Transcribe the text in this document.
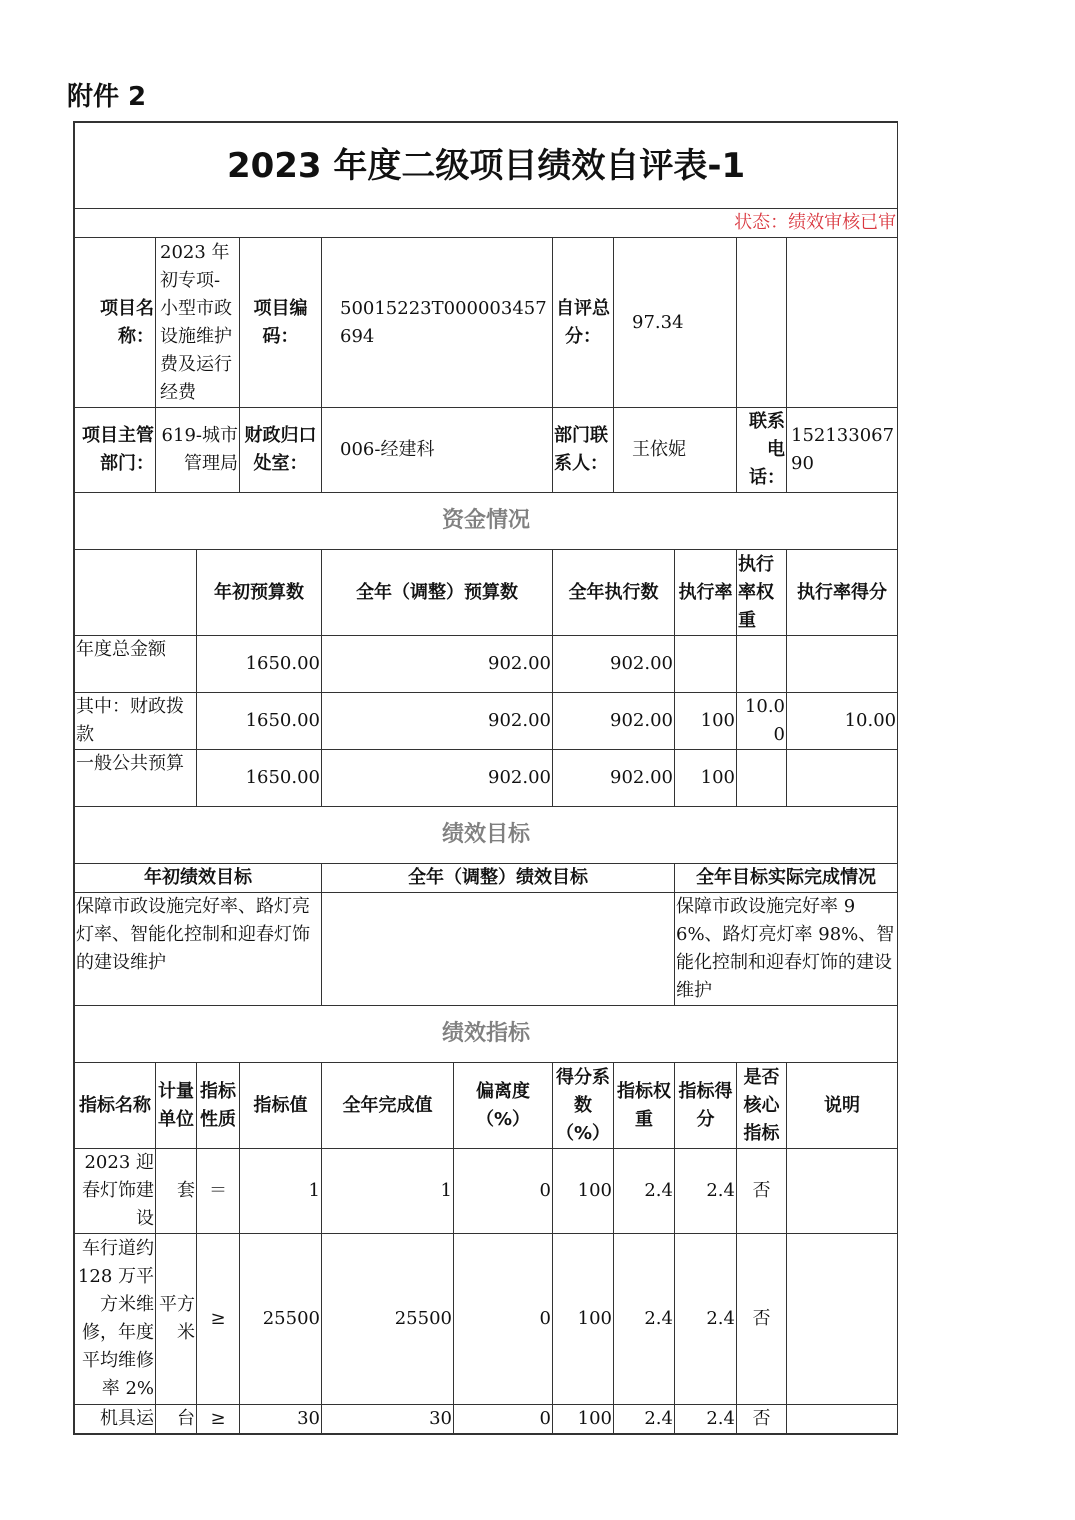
附件 2
2023 年度二级项目绩效自评表-1										
状态：绩效审核已审										
项目名称：	2023 年初专项-小型市政设施维护费及运行经费		项目编码：	50015223T000003457694		自评总分：	97.34			
项目主管部门：	619-城市管理局		财政归口处室：	006-经建科		部门联系人：	王依妮		联系电话：	15213306790
资金情况										
		年初预算数		全年（调整）预算数		全年执行数		执行率	执行率权重	执行率得分
年度总金额		1650.00		902.00		902.00				
其中：财政拨款		1650.00		902.00		902.00		100	10.00	10.00
一般公共预算		1650.00		902.00		902.00		100		
绩效目标										
年初绩效目标				全年（调整）绩效目标				全年目标实际完成情况		
保障市政设施完好率、路灯亮灯率、智能化控制和迎春灯饰的建设维护								保障市政设施完好率 96%、路灯亮灯率 98%、智能化控制和迎春灯饰的建设维护		
绩效指标										
指标名称	计量单位	指标性质	指标值	全年完成值	偏离度（%）	得分系数（%）	指标权重	指标得分	是否核心指标	说明
2023 迎春灯饰建设	套	＝	1	1	0	100	2.4	2.4	否	
车行道约 128 万平方米维修，年度平均维修率 2%	平方米	≥	25500	25500	0	100	2.4	2.4	否	
机具运	台	≥	30	30	0	100	2.4	2.4	否	
